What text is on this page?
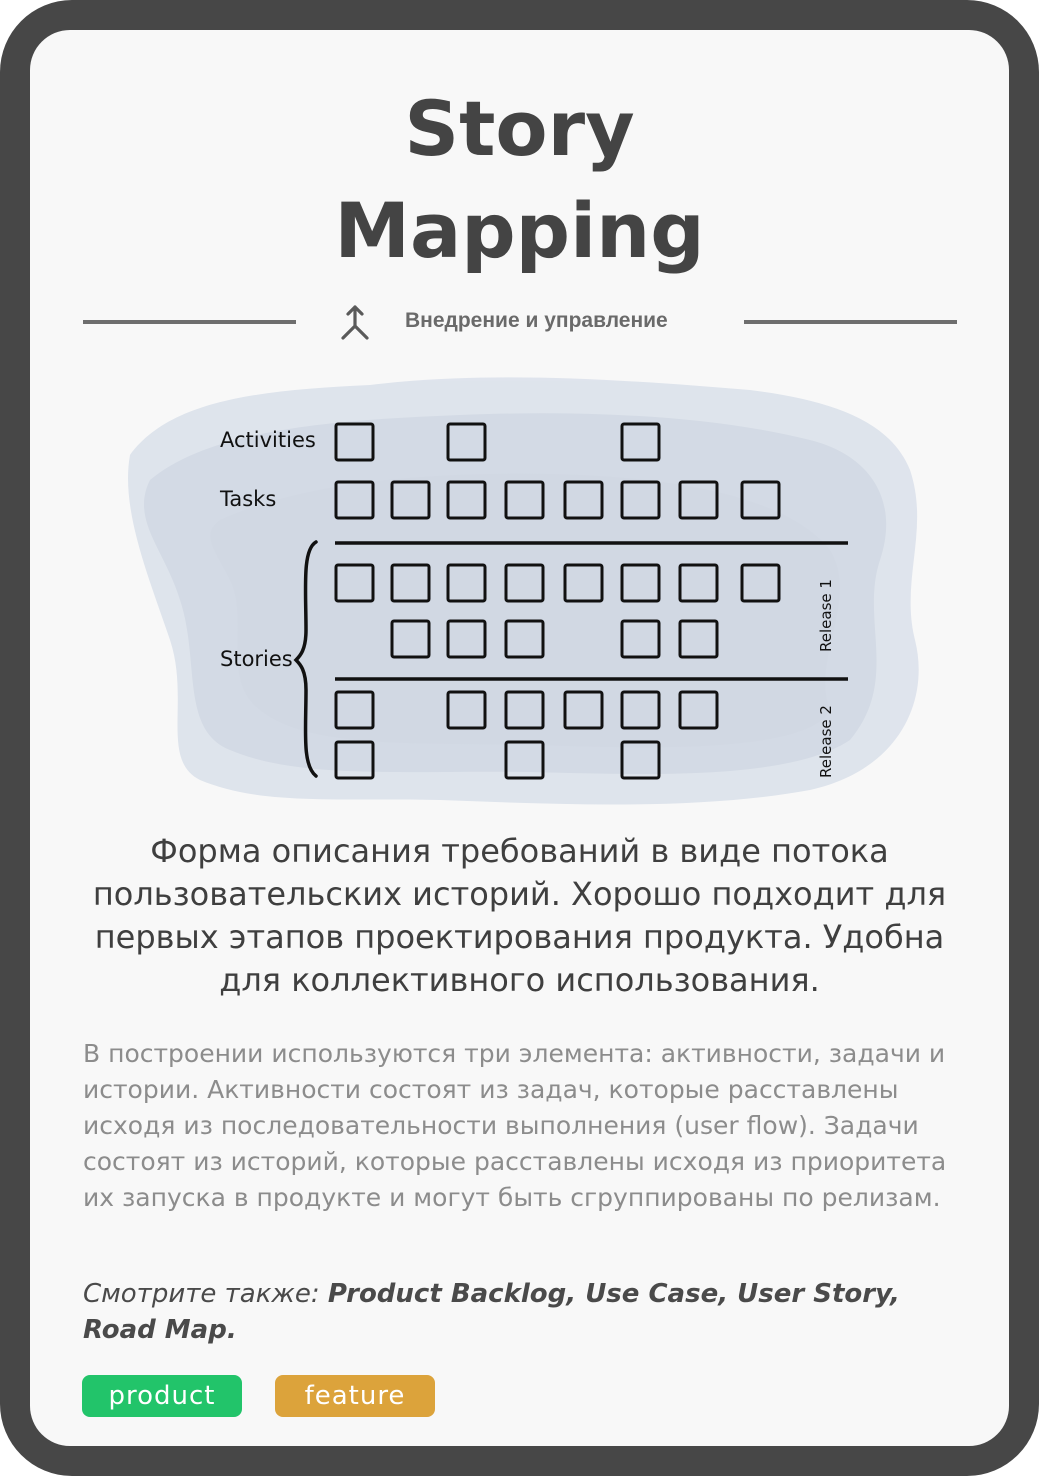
Story
Mapping
Внедрение и управление
Activities
Tasks
Stories
Release 1
Release 2
Форма описания требований в виде потока пользовательских историй. Хорошо подходит для первых этапов проектирования продукта. Удобна для коллективного использования.
В построении используются три элемента: активности, задачи и истории. Активности состоят из задач, которые расставлены исходя из последовательности выполнения (user flow). Задачи состоят из историй, которые расставлены исходя из приоритета их запуска в продукте и могут быть сгруппированы по релизам.
Смотрите также: Product Backlog, Use Case, User Story, Road Map.
product	feature
